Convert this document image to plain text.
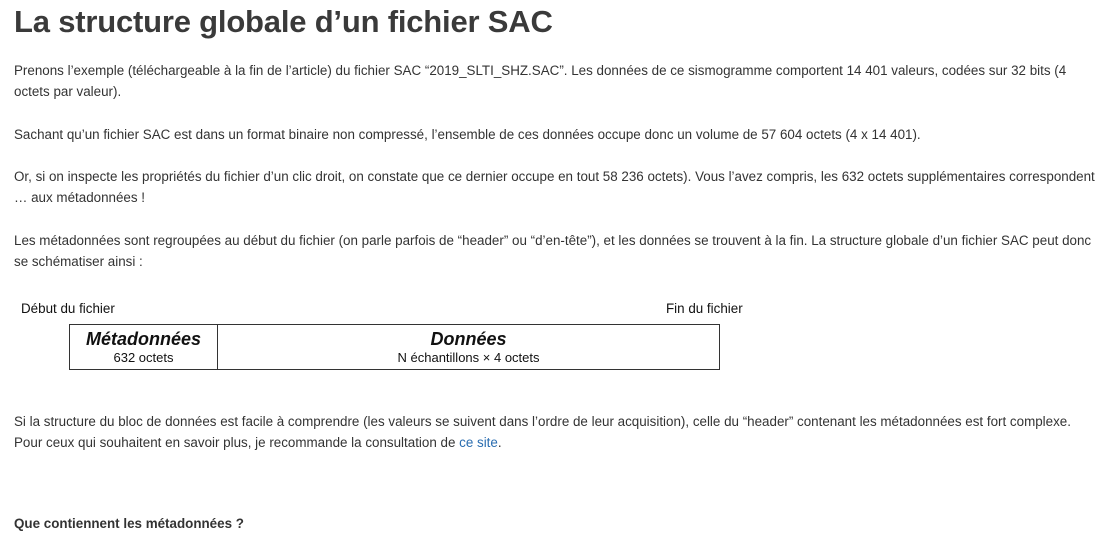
La structure globale d’un fichier SAC

Prenons l’exemple (téléchargeable à la fin de l’article) du fichier SAC “2019_SLTI_SHZ.SAC”. Les données de ce sismogramme comportent 14 401 valeurs, codées sur 32 bits (4 octets par valeur).

Sachant qu’un fichier SAC est dans un format binaire non compressé, l’ensemble de ces données occupe donc un volume de 57 604 octets (4 x 14 401).

Or, si on inspecte les propriétés du fichier d’un clic droit, on constate que ce dernier occupe en tout 58 236 octets). Vous l’avez compris, les 632 octets supplémentaires correspondent … aux métadonnées !

Les métadonnées sont regroupées au début du fichier (on parle parfois de “header” ou “d’en-tête”), et les données se trouvent à la fin. La structure globale d’un fichier SAC peut donc se schématiser ainsi :

Début du fichier	Fin du fichier
Métadonnées
632 octets
Données
N échantillons × 4 octets

Si la structure du bloc de données est facile à comprendre (les valeurs se suivent dans l’ordre de leur acquisition), celle du “header” contenant les métadonnées est fort complexe. Pour ceux qui souhaitent en savoir plus, je recommande la consultation de ce site.

Que contiennent les métadonnées ?
